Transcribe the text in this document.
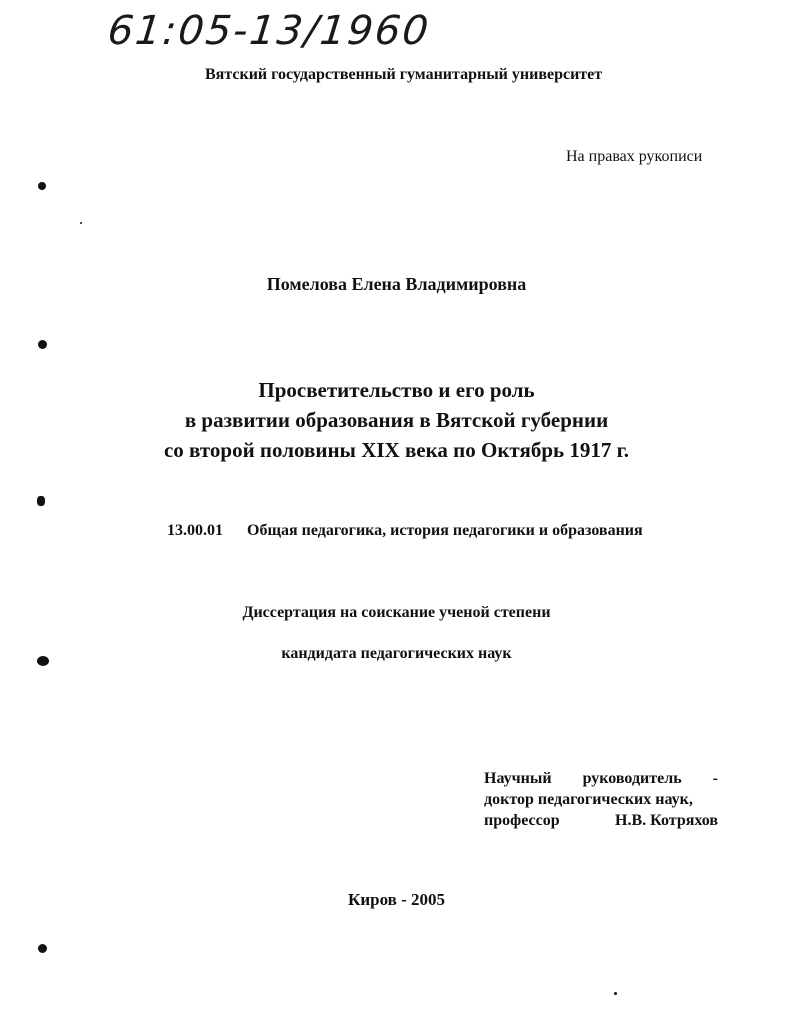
61:05-13/1960
Вятский государственный гуманитарный университет
На правах рукописи
Помелова Елена Владимировна
Просветительство и его роль
в развитии образования в Вятской губернии
со второй половины XIX века по Октябрь 1917 г.
13.00.01 Общая педагогика, история педагогики и образования
Диссертация на соискание ученой степени
кандидата педагогических наук
Научный руководитель -
доктор педагогических наук,
профессор	Н.В. Котряхов
Киров - 2005
